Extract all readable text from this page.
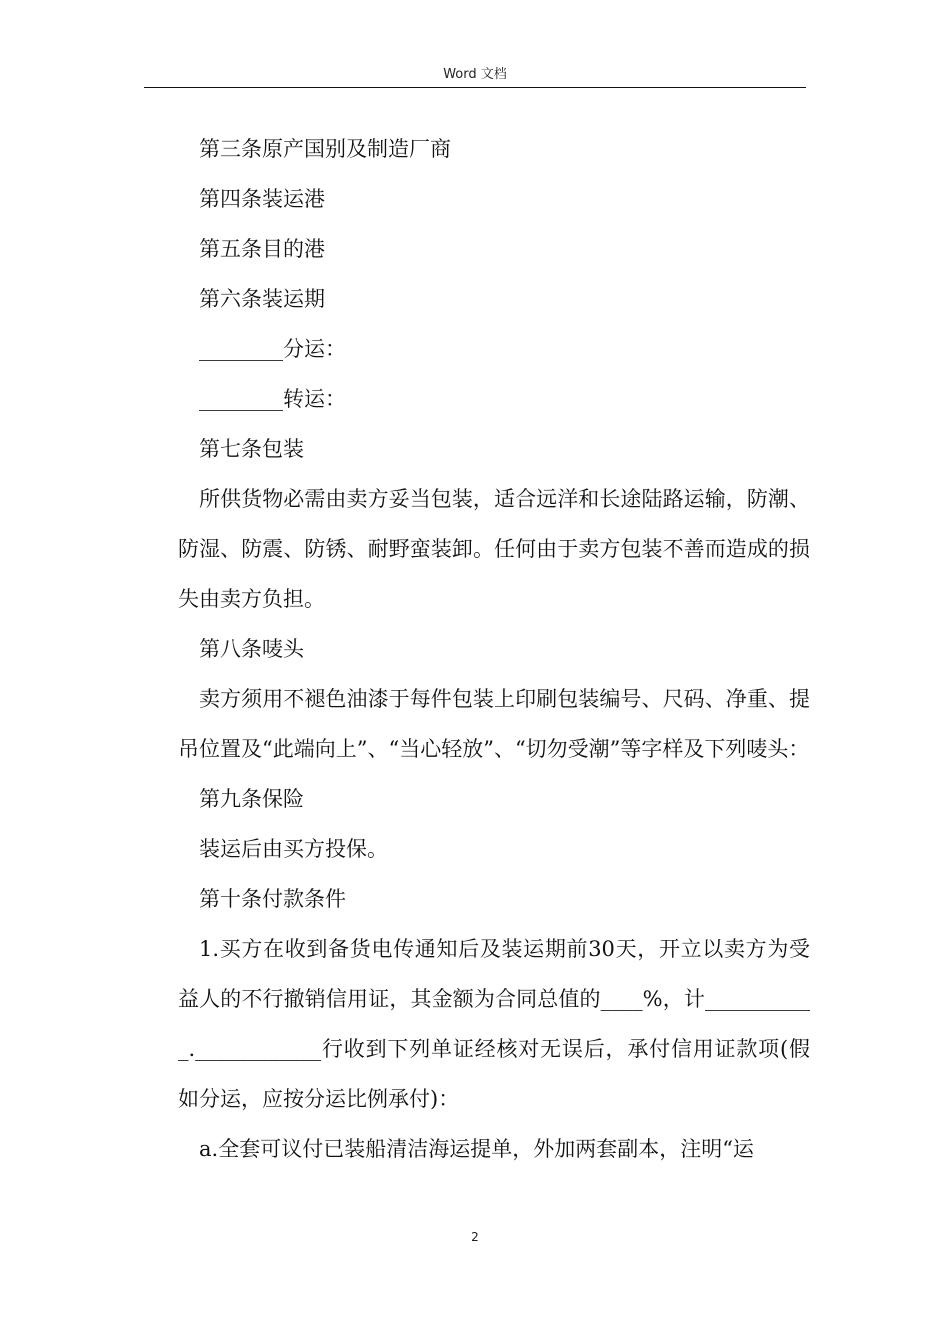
Word 文档

第三条原产国别及制造厂商

第四条装运港

第五条目的港

第六条装运期

________分运：

________转运：

第七条包装

所供货物必需由卖方妥当包装，适合远洋和长途陆路运输，防潮、防湿、防震、防锈、耐野蛮装卸。任何由于卖方包装不善而造成的损失由卖方负担。

第八条唛头

卖方须用不褪色油漆于每件包装上印刷包装编号、尺码、净重、提吊位置及“此端向上”、“当心轻放”、“切勿受潮”等字样及下列唛头：

第九条保险

装运后由买方投保。

第十条付款条件

1.买方在收到备货电传通知后及装运期前30天，开立以卖方为受益人的不行撤销信用证，其金额为合同总值的____%，计___________.____________行收到下列单证经核对无误后，承付信用证款项(假如分运，应按分运比例承付)：

a.全套可议付已装船清洁海运提单，外加两套副本，注明“运

2
